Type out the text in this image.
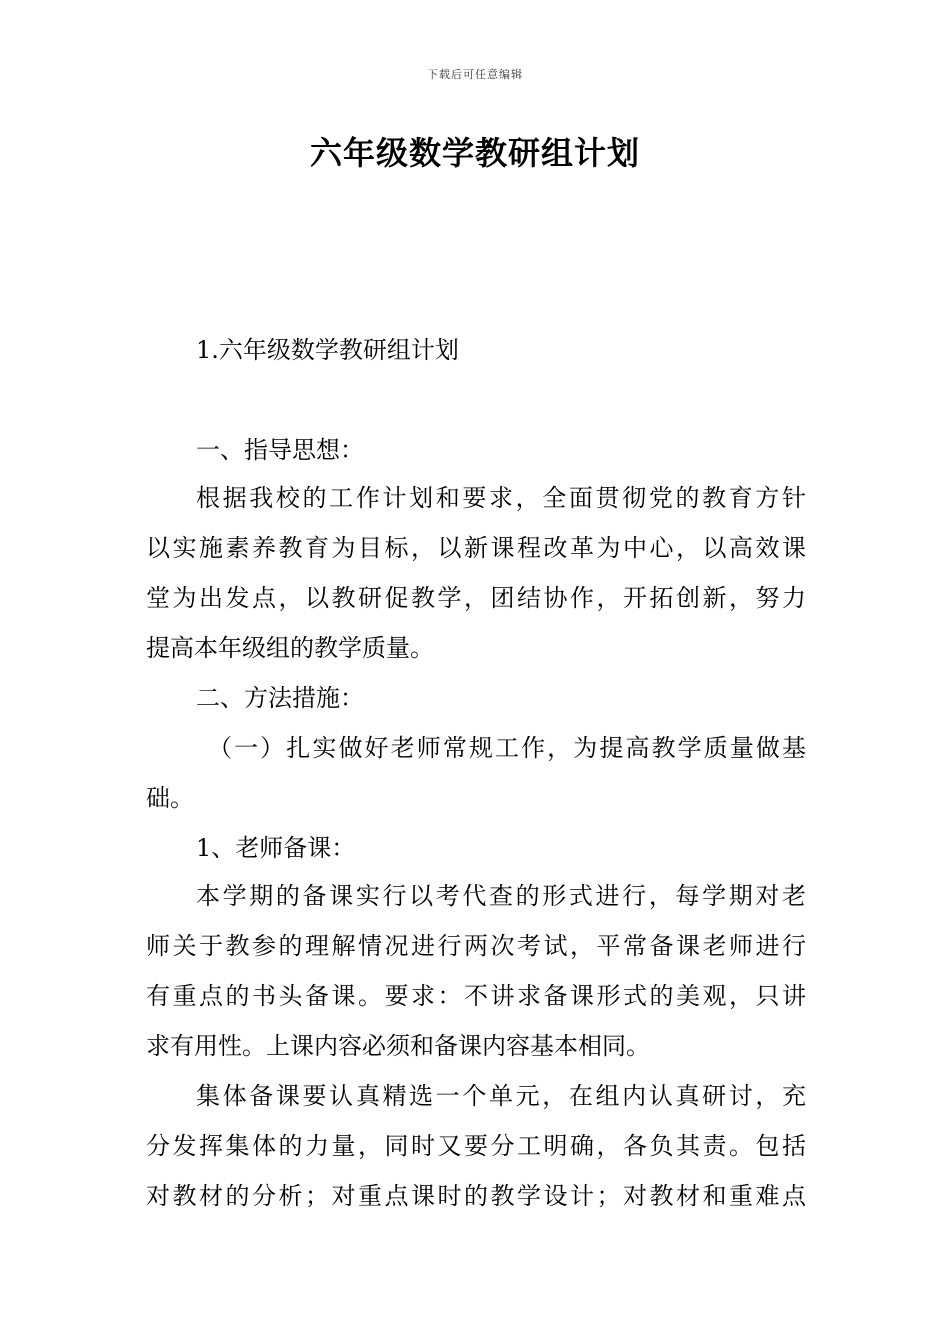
下载后可任意编辑
六年级数学教研组计划
1.六年级数学教研组计划
一、指导思想：
根据我校的工作计划和要求，全面贯彻党的教育方针
以实施素养教育为目标，以新课程改革为中心，以高效课
堂为出发点，以教研促教学，团结协作，开拓创新，努力
提高本年级组的教学质量。
二、方法措施：
（一）扎实做好老师常规工作，为提高教学质量做基
础。
1、老师备课：
本学期的备课实行以考代查的形式进行，每学期对老
师关于教参的理解情况进行两次考试，平常备课老师进行
有重点的书头备课。要求：不讲求备课形式的美观，只讲
求有用性。上课内容必须和备课内容基本相同。
集体备课要认真精选一个单元，在组内认真研讨，充
分发挥集体的力量，同时又要分工明确，各负其责。包括
对教材的分析；对重点课时的教学设计；对教材和重难点
